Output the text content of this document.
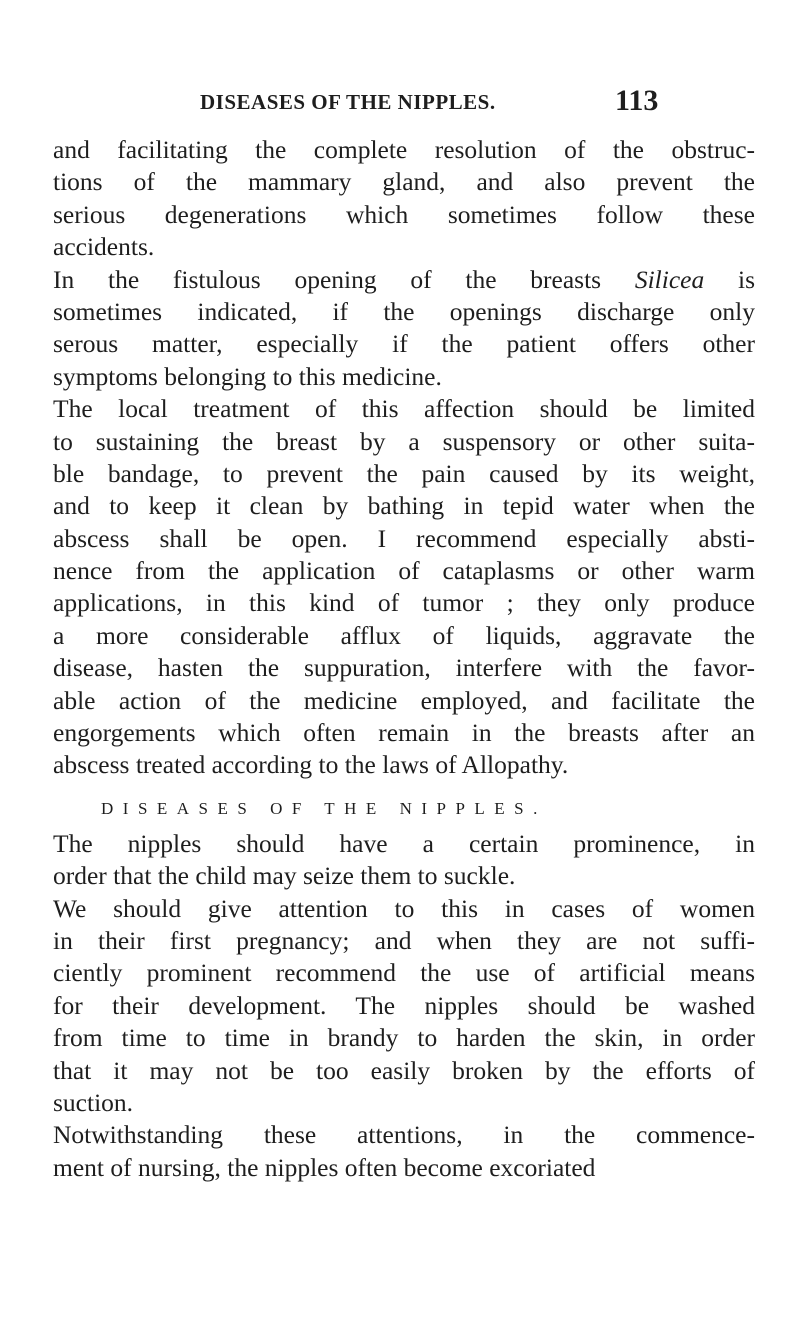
DISEASES OF THE NIPPLES.	113
and facilitating the complete resolution of the obstruc-
tions of the mammary gland, and also prevent the
serious degenerations which sometimes follow these
accidents.
In the fistulous opening of the breasts Silicea is
sometimes indicated, if the openings discharge only
serous matter, especially if the patient offers other
symptoms belonging to this medicine.
The local treatment of this affection should be limited
to sustaining the breast by a suspensory or other suita-
ble bandage, to prevent the pain caused by its weight,
and to keep it clean by bathing in tepid water when the
abscess shall be open. I recommend especially absti-
nence from the application of cataplasms or other warm
applications, in this kind of tumor ; they only produce
a more considerable afflux of liquids, aggravate the
disease, hasten the suppuration, interfere with the favor-
able action of the medicine employed, and facilitate the
engorgements which often remain in the breasts after an
abscess treated according to the laws of Allopathy.
DISEASES OF THE NIPPLES.
The nipples should have a certain prominence, in
order that the child may seize them to suckle.
We should give attention to this in cases of women
in their first pregnancy; and when they are not suffi-
ciently prominent recommend the use of artificial means
for their development. The nipples should be washed
from time to time in brandy to harden the skin, in order
that it may not be too easily broken by the efforts of
suction.
Notwithstanding these attentions, in the commence-
ment of nursing, the nipples often become excoriated
